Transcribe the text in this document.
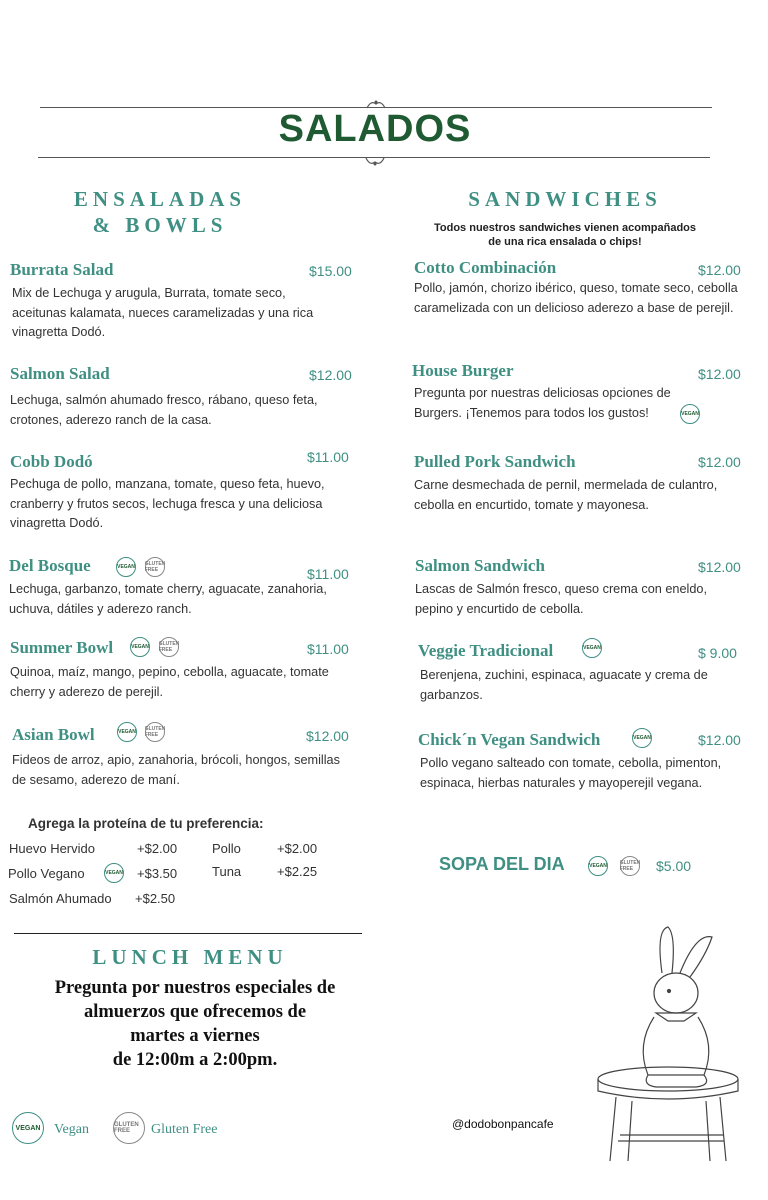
SALADOS
ENSALADAS
& BOWLS
Burrata Salad	$15.00
Mix de Lechuga y arugula, Burrata, tomate seco, aceitunas kalamata, nueces caramelizadas y una rica vinagretta Dodó.
Salmon Salad	$12.00
Lechuga, salmón ahumado fresco, rábano, queso feta, crotones, aderezo ranch de la casa.
Cobb Dodó	$11.00
Pechuga de pollo, manzana, tomate, queso feta, huevo, cranberry y frutos secos, lechuga fresca y una deliciosa vinagretta Dodó.
Del Bosque	VEGAN GLUTEN FREE	$11.00
Lechuga, garbanzo, tomate cherry, aguacate, zanahoria, uchuva, dátiles y aderezo ranch.
Summer Bowl	VEGAN GLUTEN FREE	$11.00
Quinoa, maíz, mango, pepino, cebolla, aguacate, tomate cherry y aderezo de perejil.
Asian Bowl	VEGAN GLUTEN FREE	$12.00
Fideos de arroz, apio, zanahoria, brócoli, hongos, semillas de sesamo, aderezo de maní.
Agrega la proteína de tu preferencia:
Huevo Hervido	+$2.00	Pollo	+$2.00
Pollo Vegano	VEGAN +$3.50	Tuna	+$2.25
Salmón Ahumado +$2.50
SANDWICHES
Todos nuestros sandwiches vienen acompañados
de una rica ensalada o chips!
Cotto Combinación	$12.00
Pollo, jamón, chorizo ibérico, queso, tomate seco, cebolla caramelizada con un delicioso aderezo a base de perejil.
House Burger	$12.00
Pregunta por nuestras deliciosas opciones de Burgers. ¡Tenemos para todos los gustos!	VEGAN
Pulled Pork Sandwich	$12.00
Carne desmechada de pernil, mermelada de culantro, cebolla en encurtido, tomate y mayonesa.
Salmon Sandwich	$12.00
Lascas de Salmón fresco, queso crema con eneldo, pepino y encurtido de cebolla.
Veggie Tradicional	VEGAN	$ 9.00
Berenjena, zuchini, espinaca, aguacate y crema de garbanzos.
Chick´n Vegan Sandwich	VEGAN	$12.00
Pollo vegano salteado con tomate, cebolla, pimenton, espinaca, hierbas naturales y mayoperejil vegana.
SOPA DEL DIA	VEGAN	GLUTEN FREE	$5.00
LUNCH MENU
Pregunta por nuestros especiales de
almuerzos que ofrecemos de
martes a viernes
de 12:00m a 2:00pm.
VEGAN Vegan	GLUTEN FREE	Gluten Free	@dodobonpancafe
